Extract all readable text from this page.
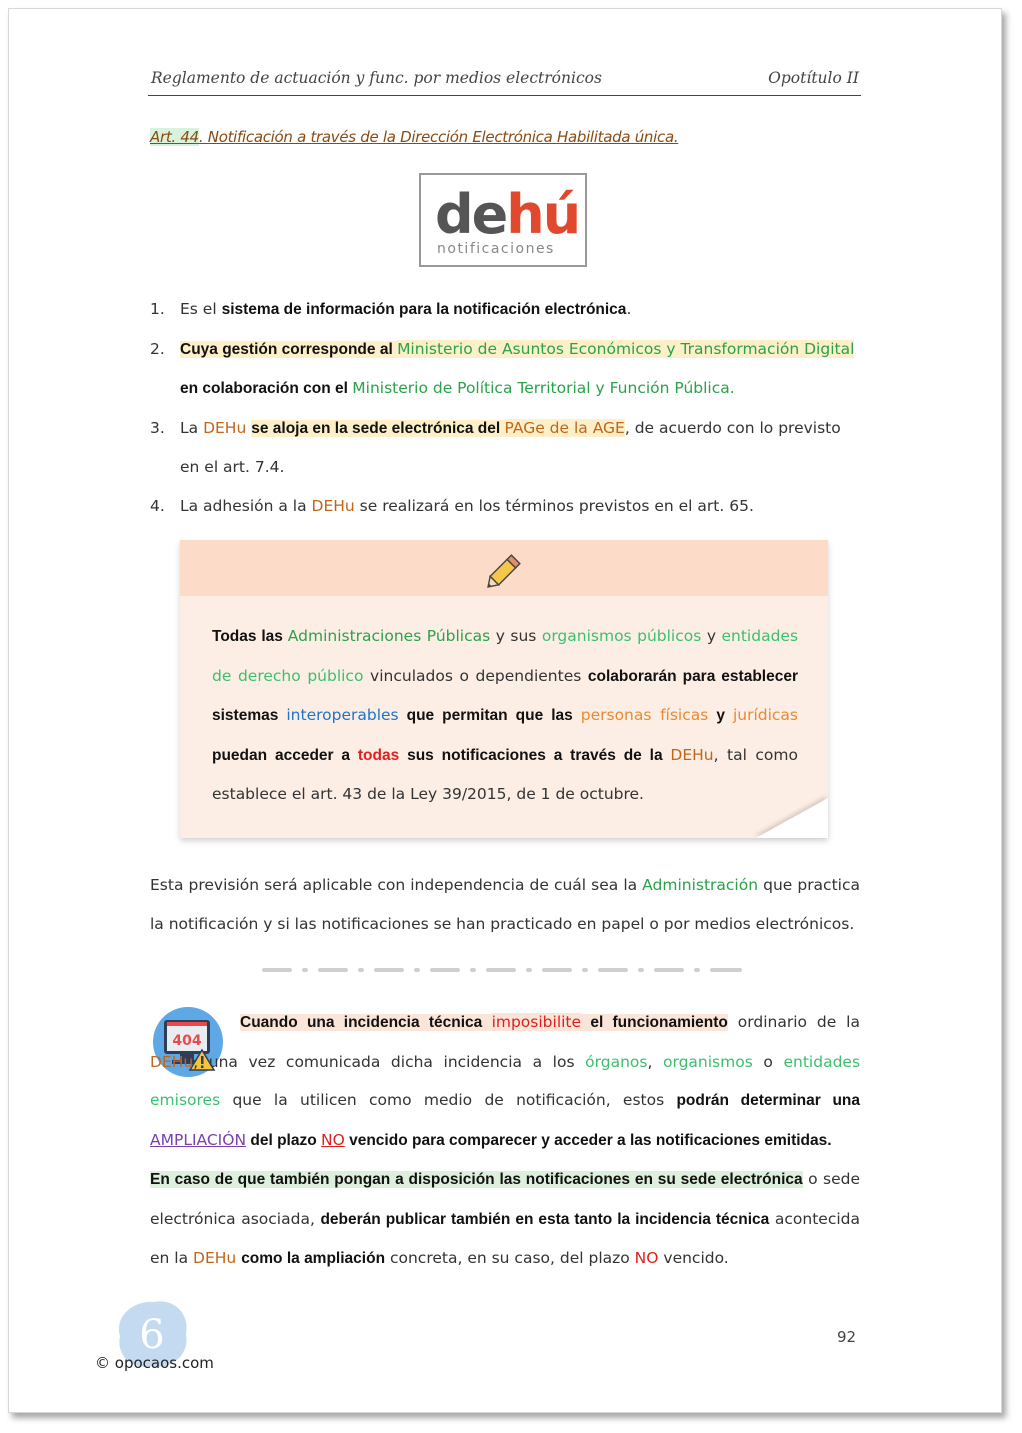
Reglamento de actuación y func. por medios electrónicos	Opotítulo II
Art. 44. Notificación a través de la Dirección Electrónica Habilitada única.
dehú
notificaciones
1. Es el sistema de información para la notificación electrónica.
2. Cuya gestión corresponde al Ministerio de Asuntos Económicos y Transformación Digital
en colaboración con el Ministerio de Política Territorial y Función Pública.
3. La DEHu se aloja en la sede electrónica del PAGe de la AGE, de acuerdo con lo previsto en el art. 7.4.
4. La adhesión a la DEHu se realizará en los términos previstos en el art. 65.
Todas las Administraciones Públicas y sus organismos públicos y entidades de derecho público vinculados o dependientes colaborarán para establecer sistemas interoperables que permitan que las personas físicas y jurídicas puedan acceder a todas sus notificaciones a través de la DEHu, tal como establece el art. 43 de la Ley 39/2015, de 1 de octubre.
Esta previsión será aplicable con independencia de cuál sea la Administración que practica la notificación y si las notificaciones se han practicado en papel o por medios electrónicos.
404
Cuando una incidencia técnica imposibilite el funcionamiento ordinario de la DEHu, una vez comunicada dicha incidencia a los órganos, organismos o entidades emisores que la utilicen como medio de notificación, estos podrán determinar una AMPLIACIÓN del plazo NO vencido para comparecer y acceder a las notificaciones emitidas.
En caso de que también pongan a disposición las notificaciones en su sede electrónica o sede electrónica asociada, deberán publicar también en esta tanto la incidencia técnica acontecida en la DEHu como la ampliación concreta, en su caso, del plazo NO vencido.
92
6
© opocaos.com
